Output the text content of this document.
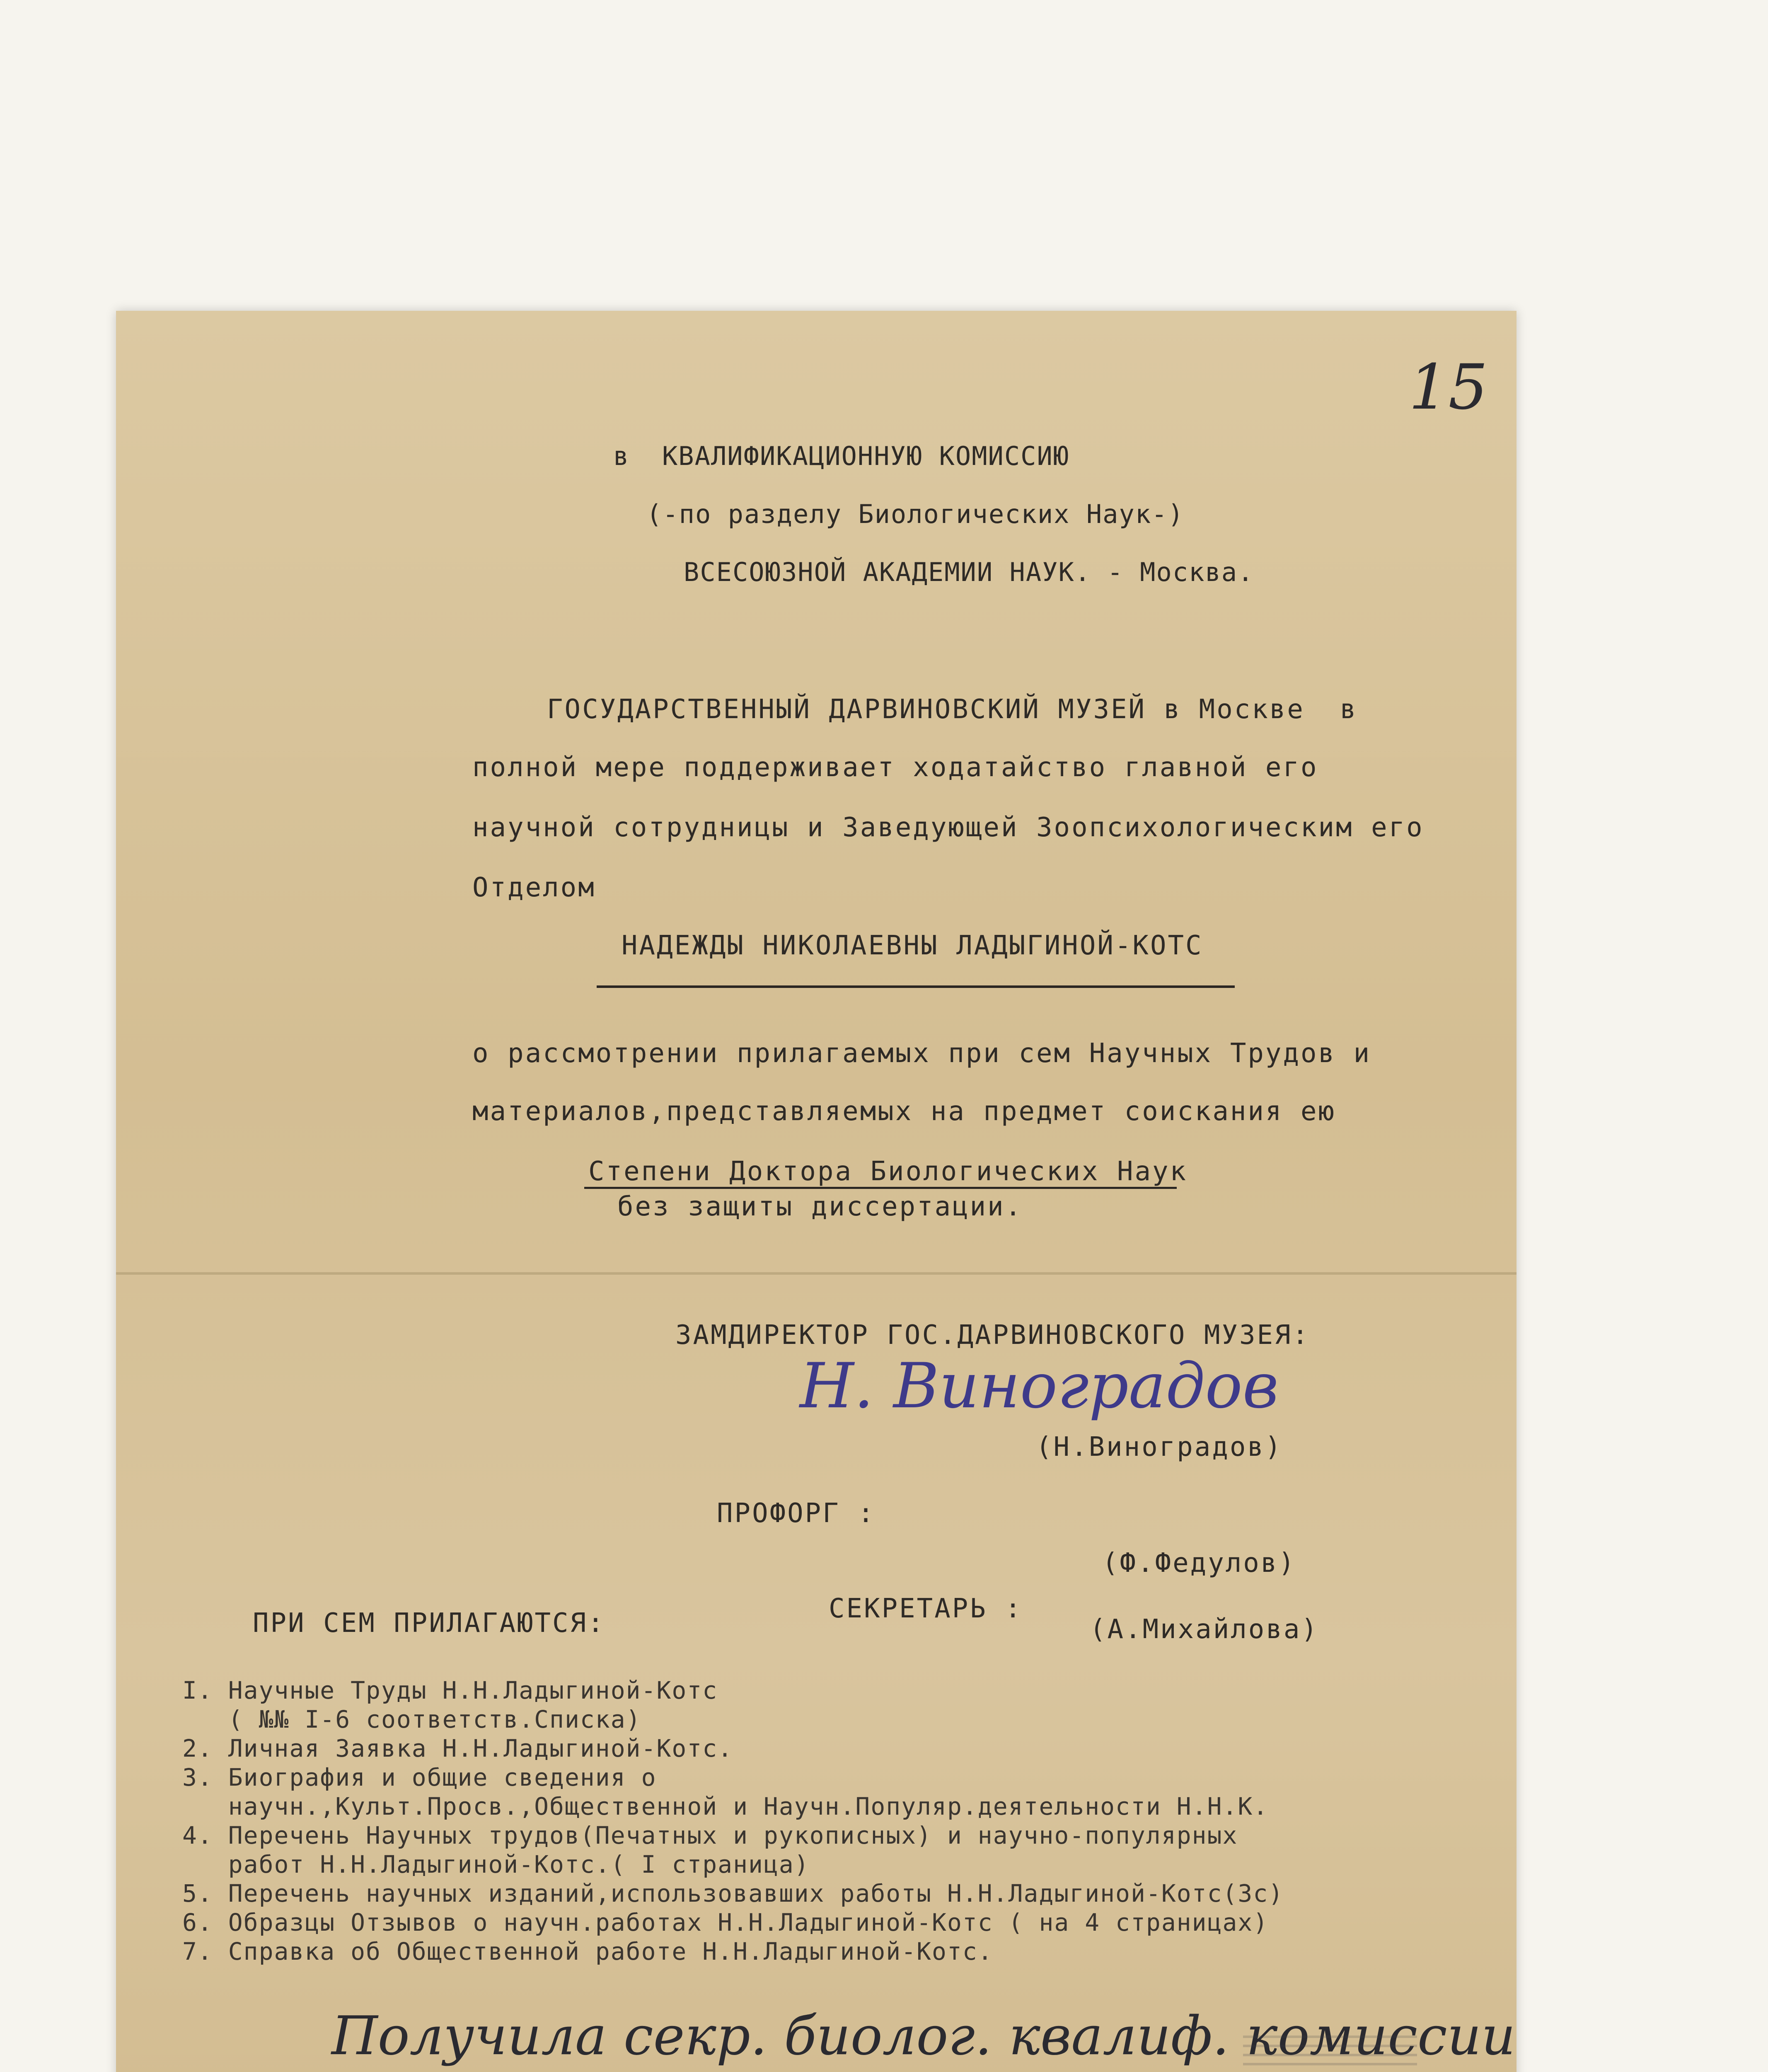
15
в  КВАЛИФИКАЦИОННУЮ КОМИССИЮ
(-по разделу Биологических Наук-)
ВСЕСОЮЗНОЙ АКАДЕМИИ НАУК. - Москва.
ГОСУДАРСТВЕННЫЙ ДАРВИНОВСКИЙ МУЗЕЙ в Москве  в
полной мере поддерживает ходатайство главной его
научной сотрудницы и Заведующей Зоопсихологическим его
Отделом
НАДЕЖДЫ НИКОЛАЕВНЫ ЛАДЫГИНОЙ-КОТС
о рассмотрении прилагаемых при сем Научных Трудов и
материалов,представляемых на предмет соискания ею
Степени Доктора Биологических Наук
без защиты диссертации.
ЗАМДИРЕКТОР ГОС.ДАРВИНОВСКОГО МУЗЕЯ:
Н. Виноградов
(Н.Виноградов)
ПРОФОРГ :
(Ф.Федулов)
СЕКРЕТАРЬ :
(А.Михайлова)
ПРИ СЕМ ПРИЛАГАЮТСЯ:
I. Научные Труды Н.Н.Ладыгиной-Котс
( №№ I-6 соответств.Списка)
2. Личная Заявка Н.Н.Ладыгиной-Котс.
3. Биография и общие сведения о
научн.,Культ.Просв.,Общественной и Научн.Популяр.деятельности Н.Н.К.
4. Перечень Научных трудов(Печатных и рукописных) и научно-популярных
работ Н.Н.Ладыгиной-Котс.( I страница)
5. Перечень научных изданий,использовавших работы Н.Н.Ладыгиной-Котс(3с)
6. Образцы Отзывов о научн.работах Н.Н.Ладыгиной-Котс ( на 4 страницах)
7. Справка об Общественной работе Н.Н.Ладыгиной-Котс.
Получила секр. биолог. квалиф. комиссии
